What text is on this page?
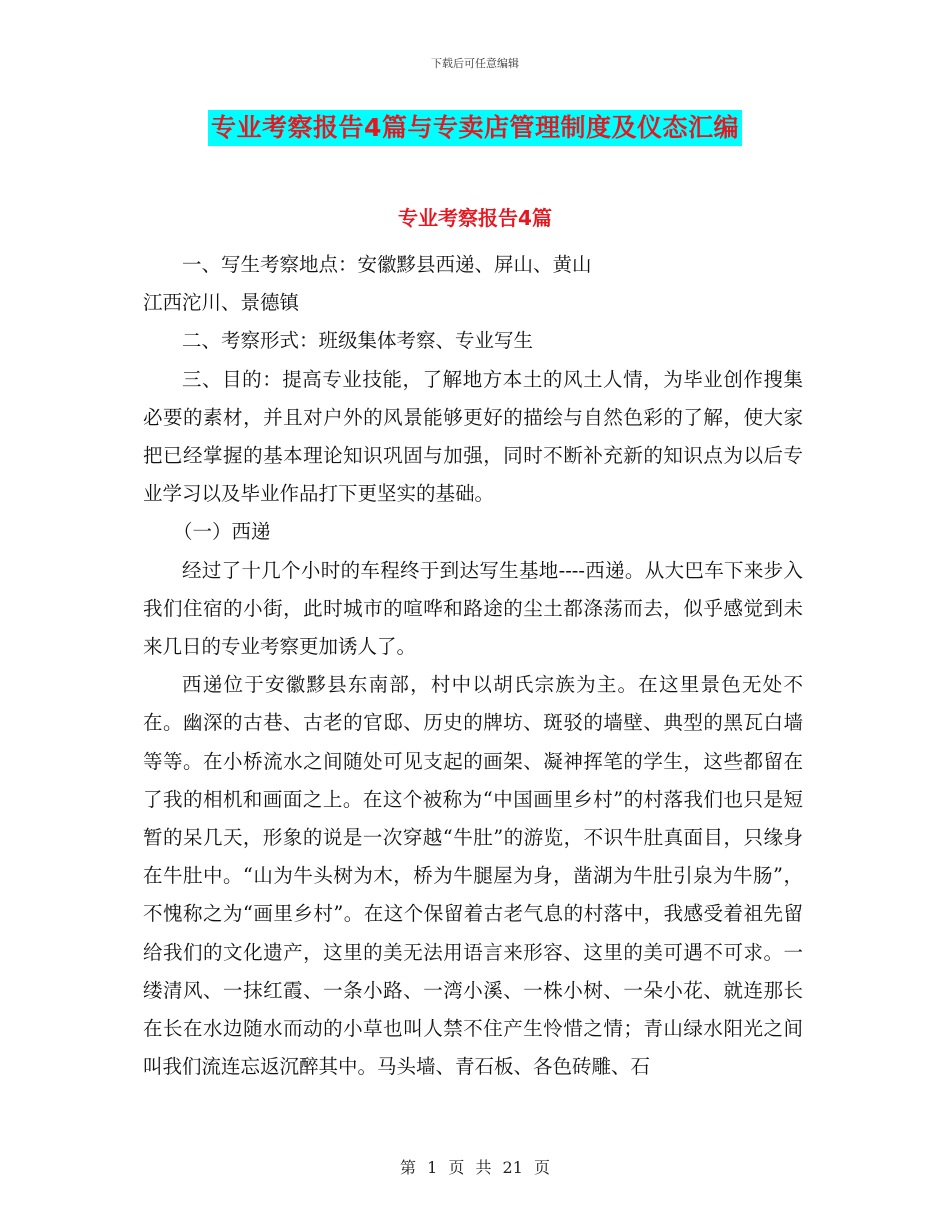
下载后可任意编辑
专业考察报告4篇与专卖店管理制度及仪态汇编
专业考察报告4篇

一、写生考察地点：安徽黟县西递、屏山、黄山

江西沱川、景德镇

二、考察形式：班级集体考察、专业写生

三、目的：提高专业技能，了解地方本土的风土人情，为毕业创作搜集必要的素材，并且对户外的风景能够更好的描绘与自然色彩的了解，使大家把已经掌握的基本理论知识巩固与加强，同时不断补充新的知识点为以后专业学习以及毕业作品打下更坚实的基础。

（一）西递

经过了十几个小时的车程终于到达写生基地----西递。从大巴车下来步入我们住宿的小街，此时城市的喧哗和路途的尘土都涤荡而去，似乎感觉到未来几日的专业考察更加诱人了。

西递位于安徽黟县东南部，村中以胡氏宗族为主。在这里景色无处不在。幽深的古巷、古老的官邸、历史的牌坊、斑驳的墙壁、典型的黑瓦白墙等等。在小桥流水之间随处可见支起的画架、凝神挥笔的学生，这些都留在了我的相机和画面之上。在这个被称为“中国画里乡村”的村落我们也只是短暂的呆几天，形象的说是一次穿越“牛肚”的游览，不识牛肚真面目，只缘身在牛肚中。“山为牛头树为木，桥为牛腿屋为身，凿湖为牛肚引泉为牛肠”，不愧称之为“画里乡村”。在这个保留着古老气息的村落中，我感受着祖先留给我们的文化遗产，这里的美无法用语言来形容、这里的美可遇不可求。一缕清风、一抹红霞、一条小路、一湾小溪、一株小树、一朵小花、就连那长在长在水边随水而动的小草也叫人禁不住产生怜惜之情；青山绿水阳光之间叫我们流连忘返沉醉其中。马头墙、青石板、各色砖雕、石

第 1 页 共 21 页
